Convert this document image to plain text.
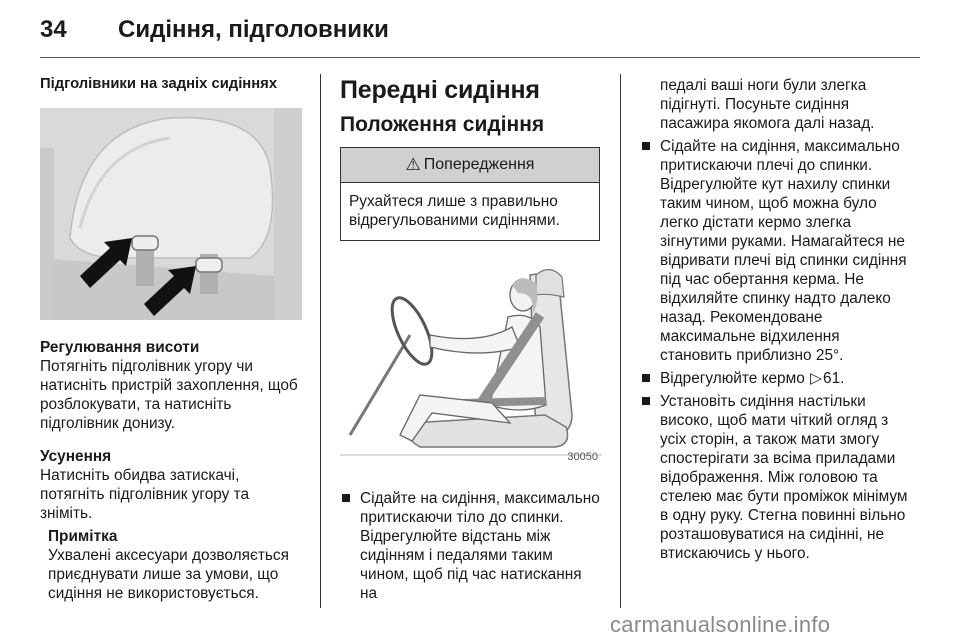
34 Сидіння, підголовники
Підголівники на задніх сидіннях
Регулювання висоти
Потягніть підголівник угору чи натисніть пристрій захоплення, щоб розблокувати, та натисніть підголівник донизу.
Усунення
Натисніть обидва затискачі, потягніть підголівник угору та зніміть.
Примітка
Ухвалені аксесуари дозволяється приєднувати лише за умови, що сидіння не використовується.
Передні сидіння
Положення сидіння
⚠ Попередження
Рухайтеся лише з правильно відрегульованими сидіннями.
30050
Сідайте на сидіння, максимально притискаючи тіло до спинки. Відрегулюйте відстань між сидінням і педалями таким чином, щоб під час натискання на
педалі ваші ноги були злегка підігнуті. Посуньте сидіння пасажира якомога далі назад.
Сідайте на сидіння, максимально притискаючи плечі до спинки. Відрегулюйте кут нахилу спинки таким чином, щоб можна було легко дістати кермо злегка зігнутими руками. Намагайтеся не відривати плечі від спинки сидіння під час обертання керма. Не відхиляйте спинку надто далеко назад. Рекомендоване максимальне відхилення становить приблизно 25°.
Відрегулюйте кермо ▷61.
Установіть сидіння настільки високо, щоб мати чіткий огляд з усіх сторін, а також мати змогу спостерігати за всіма приладами відображення. Між головою та стелею має бути проміжок мінімум в одну руку. Стегна повинні вільно розташовуватися на сидінні, не втискаючись у нього.
carmanualsonline.info
